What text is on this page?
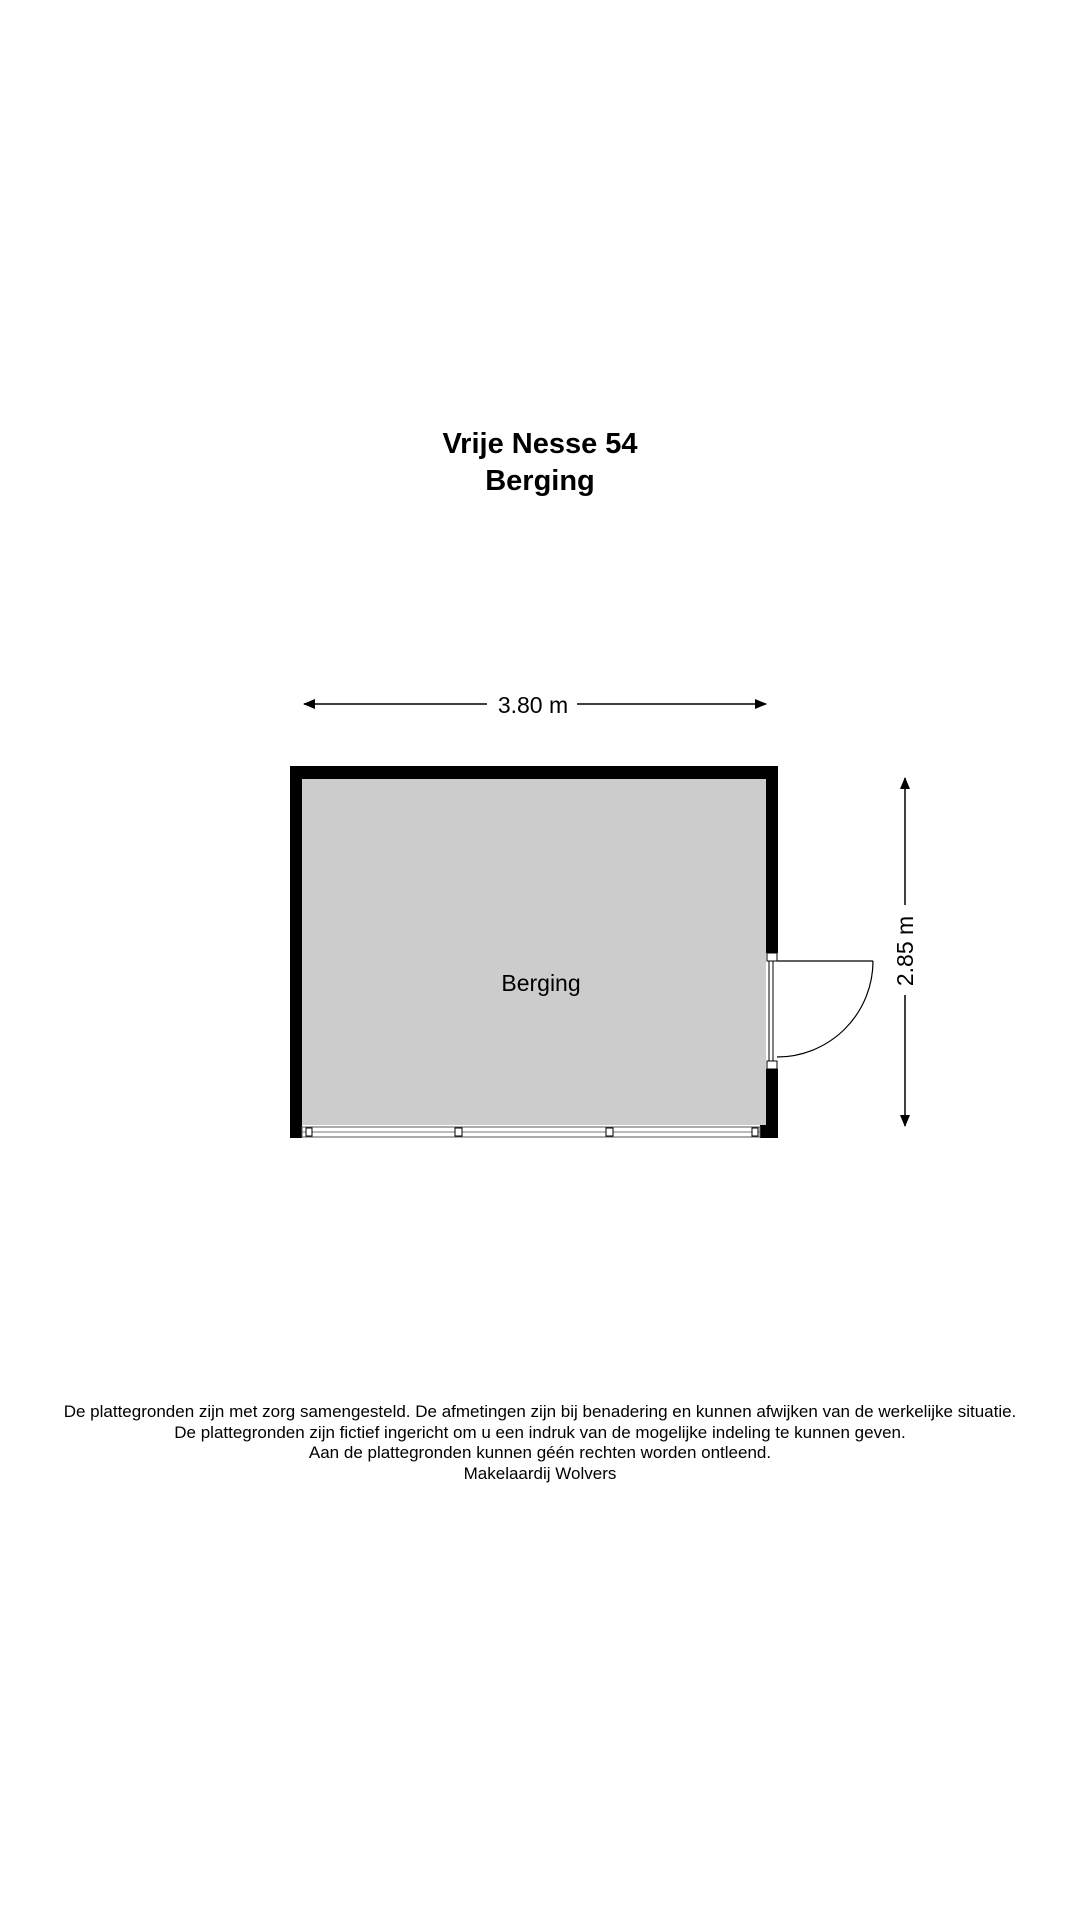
Vrije Nesse 54
Berging
3.80 m
2.85 m
Berging
De plattegronden zijn met zorg samengesteld. De afmetingen zijn bij benadering en kunnen afwijken van de werkelijke situatie.
De plattegronden zijn fictief ingericht om u een indruk van de mogelijke indeling te kunnen geven.
Aan de plattegronden kunnen géén rechten worden ontleend.
Makelaardij Wolvers
